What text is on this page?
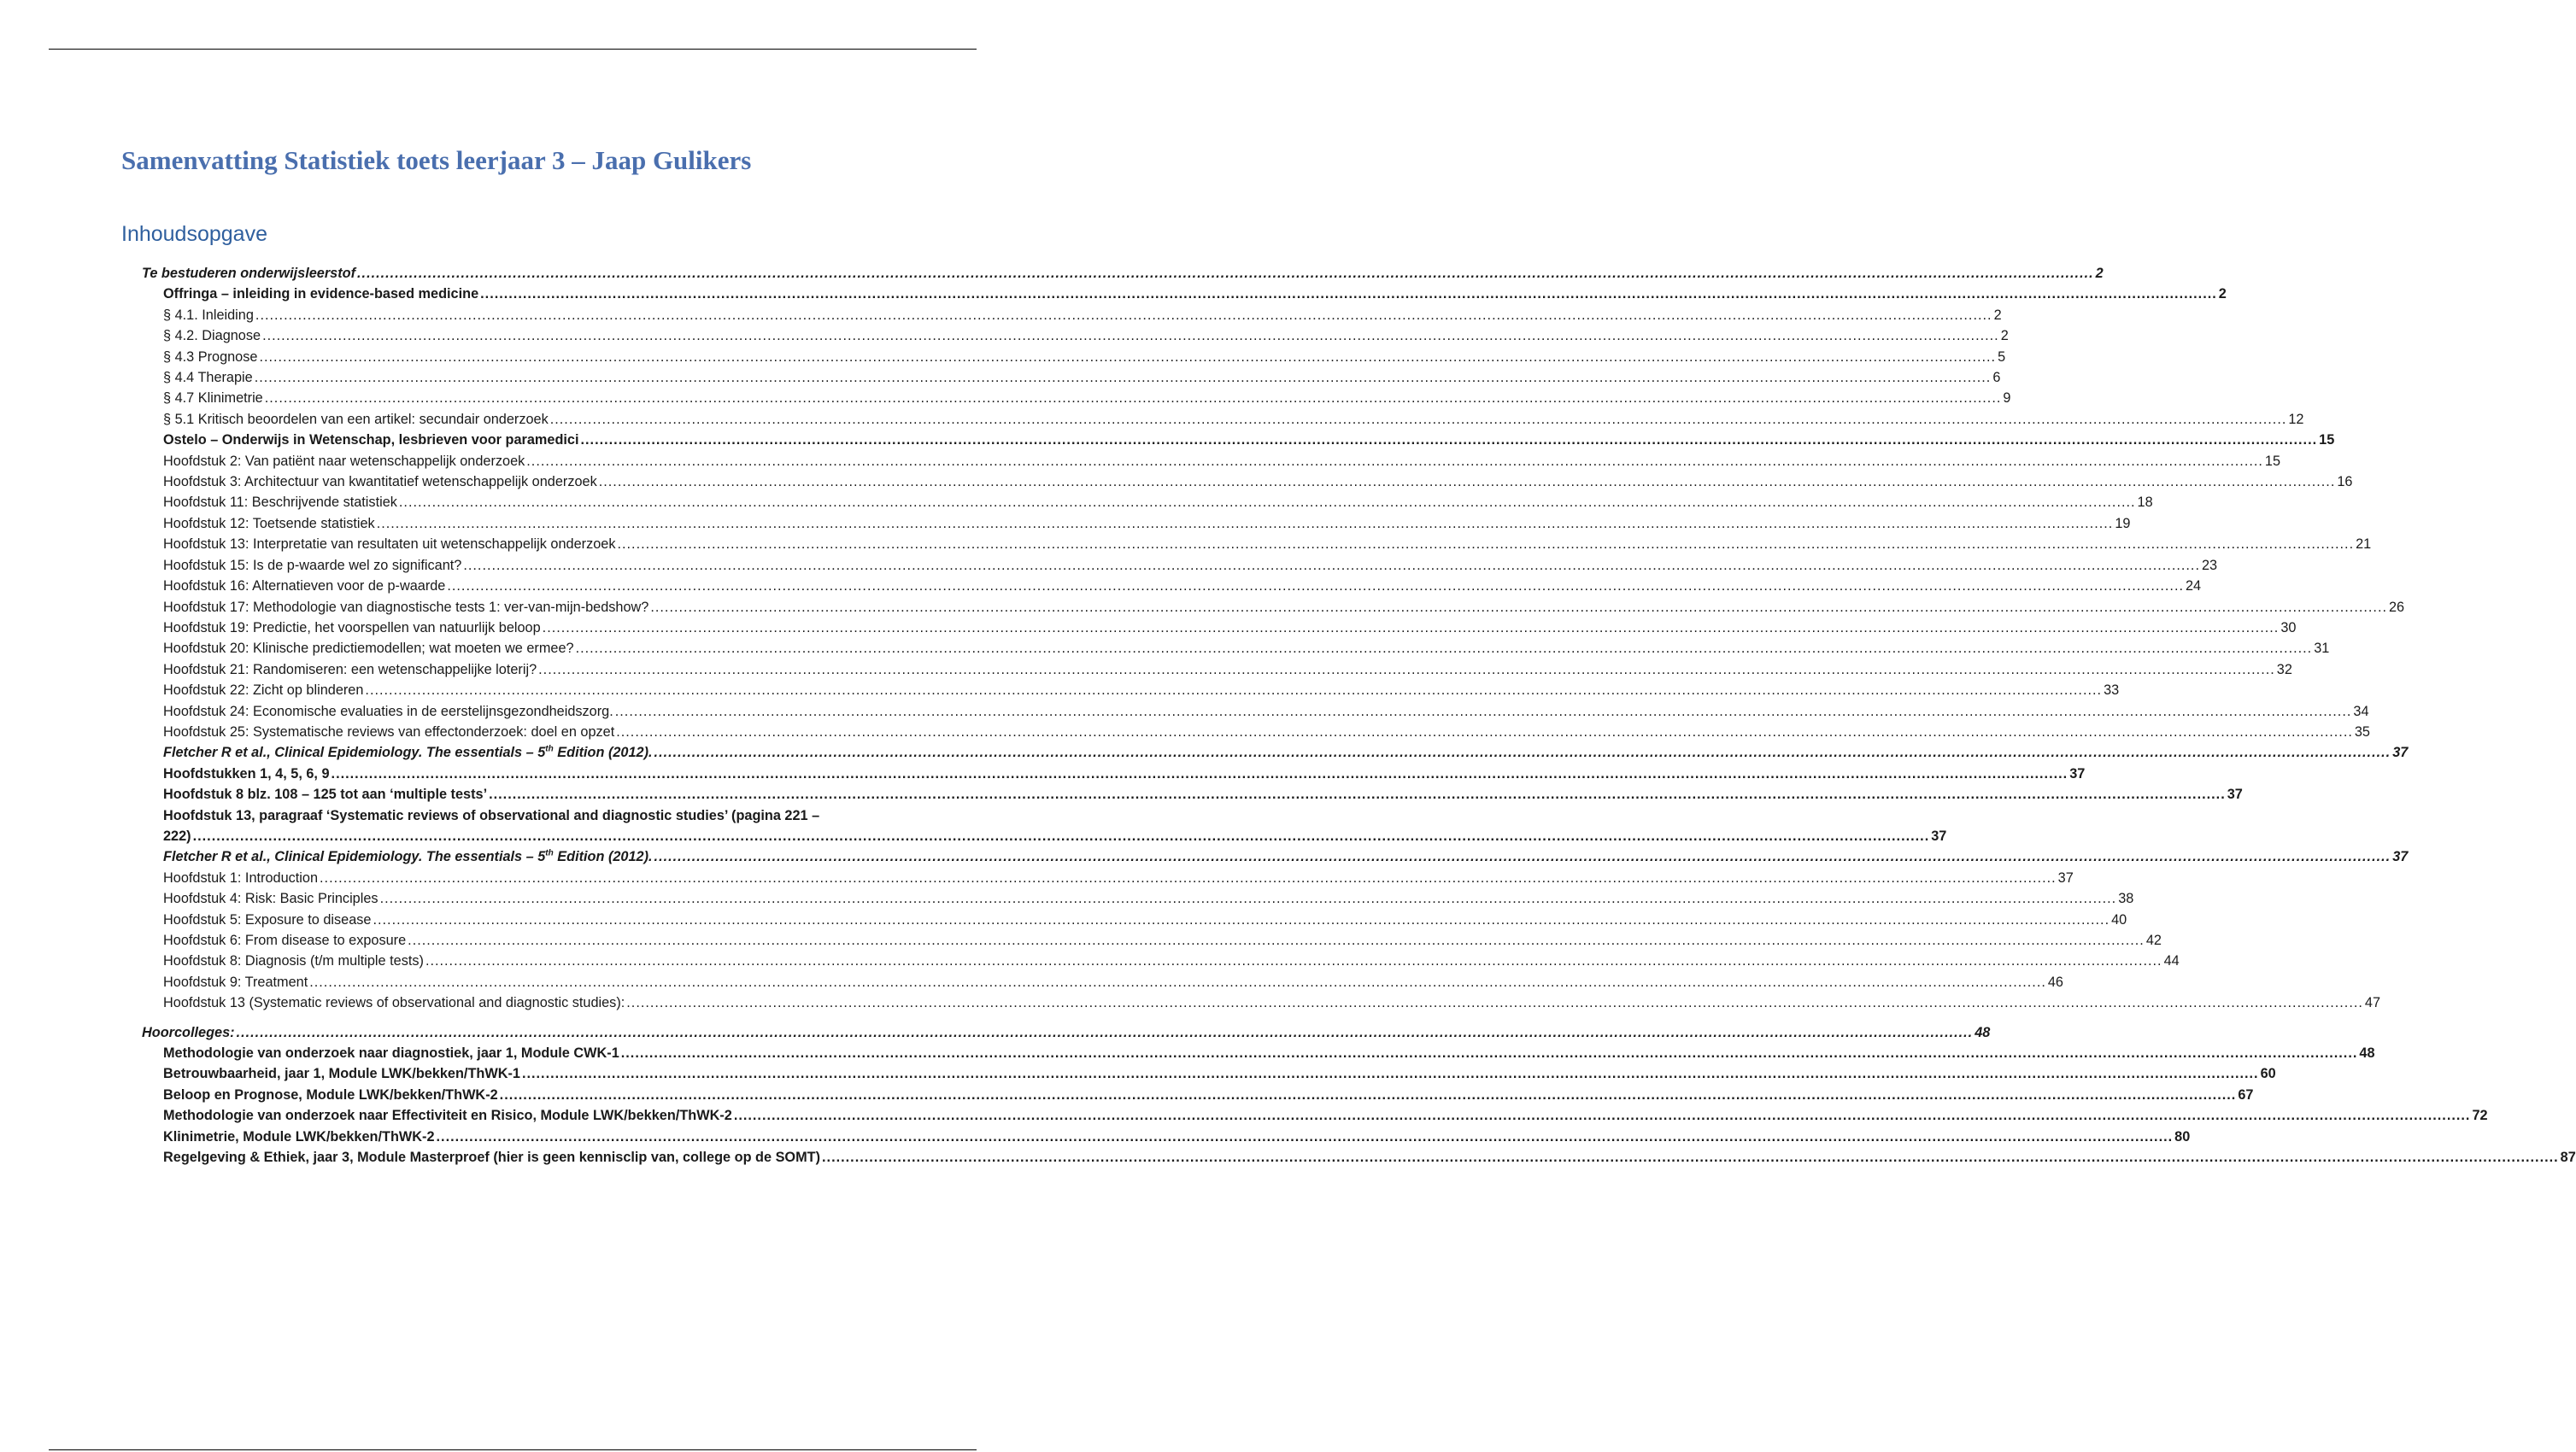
Samenvatting Statistiek toets leerjaar 3 – Jaap Gulikers
Inhoudsopgave
Te bestuderen onderwijsleerstof .....	2
Offringa – inleiding in evidence-based medicine .....	2
§ 4.1. Inleiding .....	2
§ 4.2. Diagnose .....	2
§ 4.3 Prognose .....	5
§ 4.4 Therapie .....	6
§ 4.7 Klinimetrie .....	9
§ 5.1 Kritisch beoordelen van een artikel: secundair onderzoek .....	12
Ostelo – Onderwijs in Wetenschap, lesbrieven voor paramedici .....	15
Hoofdstuk 2: Van patiënt naar wetenschappelijk onderzoek .....	15
Hoofdstuk 3: Architectuur van kwantitatief wetenschappelijk onderzoek .....	16
Hoofdstuk 11: Beschrijvende statistiek .....	18
Hoofdstuk 12: Toetsende statistiek .....	19
Hoofdstuk 13: Interpretatie van resultaten uit wetenschappelijk onderzoek .....	21
Hoofdstuk 15: Is de p-waarde wel zo significant? .....	23
Hoofdstuk 16: Alternatieven voor de p-waarde .....	24
Hoofdstuk 17: Methodologie van diagnostische tests 1: ver-van-mijn-bedshow? .....	26
Hoofdstuk 19: Predictie, het voorspellen van natuurlijk beloop .....	30
Hoofdstuk 20: Klinische predictiemodellen; wat moeten we ermee? .....	31
Hoofdstuk 21: Randomiseren: een wetenschappelijke loterij? .....	32
Hoofdstuk 22: Zicht op blinderen .....	33
Hoofdstuk 24: Economische evaluaties in de eerstelijnsgezondheidszorg. .....	34
Hoofdstuk 25: Systematische reviews van effectonderzoek: doel en opzet .....	35
Fletcher R et al., Clinical Epidemiology. The essentials – 5th Edition (2012). .....	37
Hoofdstukken 1, 4, 5, 6, 9 .....	37
Hoofdstuk 8 blz. 108 – 125 tot aan ‘multiple tests’ .....	37
Hoofdstuk 13, paragraaf ‘Systematic reviews of observational and diagnostic studies’ (pagina 221 –
222) .....	37
Fletcher R et al., Clinical Epidemiology. The essentials – 5th Edition (2012). .....	37
Hoofdstuk 1: Introduction .....	37
Hoofdstuk 4: Risk: Basic Principles .....	38
Hoofdstuk 5: Exposure to disease .....	40
Hoofdstuk 6: From disease to exposure .....	42
Hoofdstuk 8: Diagnosis (t/m multiple tests) .....	44
Hoofdstuk 9: Treatment .....	46
Hoofdstuk 13 (Systematic reviews of observational and diagnostic studies): .....	47
Hoorcolleges: .....	48
Methodologie van onderzoek naar diagnostiek, jaar 1, Module CWK-1 .....	48
Betrouwbaarheid, jaar 1, Module LWK/bekken/ThWK-1 .....	60
Beloop en Prognose, Module LWK/bekken/ThWK-2 .....	67
Methodologie van onderzoek naar Effectiviteit en Risico, Module LWK/bekken/ThWK-2 .....	72
Klinimetrie, Module LWK/bekken/ThWK-2 .....	80
Regelgeving & Ethiek, jaar 3, Module Masterproef (hier is geen kennisclip van, college op de SOMT) .....	87
